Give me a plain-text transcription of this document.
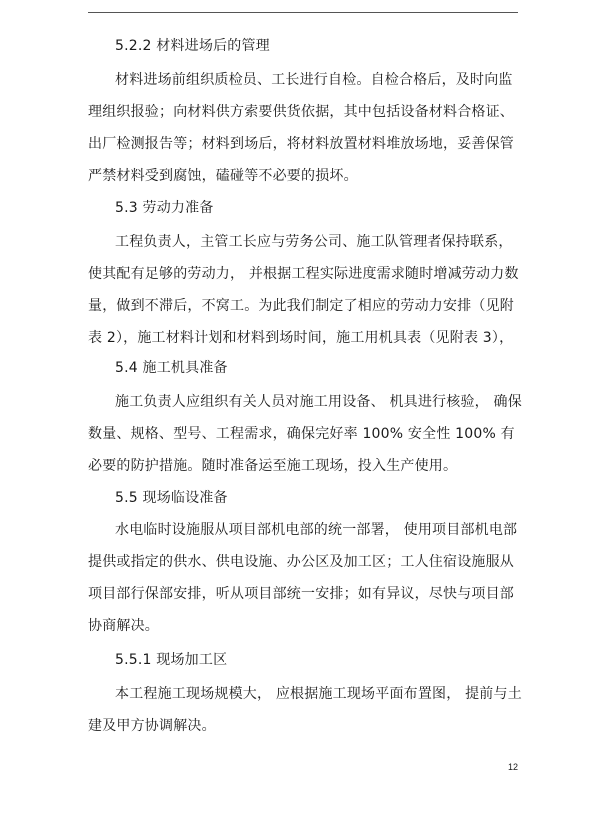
5.2.2 材料进场后的管理
材料进场前组织质检员、工长进行自检。自检合格后，及时向监
理组织报验；向材料供方索要供货依据，其中包括设备材料合格证、
出厂检测报告等；材料到场后，将材料放置材料堆放场地，妥善保管
严禁材料受到腐蚀，磕碰等不必要的损坏。
5.3 劳动力准备
工程负责人，主管工长应与劳务公司、施工队管理者保持联系，
使其配有足够的劳动力， 并根据工程实际进度需求随时增减劳动力数
量，做到不滞后，不窝工。为此我们制定了相应的劳动力安排（见附
表 2），施工材料计划和材料到场时间，施工用机具表（见附表 3），
5.4 施工机具准备
施工负责人应组织有关人员对施工用设备、 机具进行核验， 确保
数量、规格、型号、工程需求，确保完好率 100% 安全性 100% 有
必要的防护措施。随时准备运至施工现场，投入生产使用。
5.5 现场临设准备
水电临时设施服从项目部机电部的统一部署， 使用项目部机电部
提供或指定的供水、供电设施、办公区及加工区；工人住宿设施服从
项目部行保部安排，听从项目部统一安排；如有异议，尽快与项目部
协商解决。
5.5.1 现场加工区
本工程施工现场规模大， 应根据施工现场平面布置图， 提前与土
建及甲方协调解决。
12
